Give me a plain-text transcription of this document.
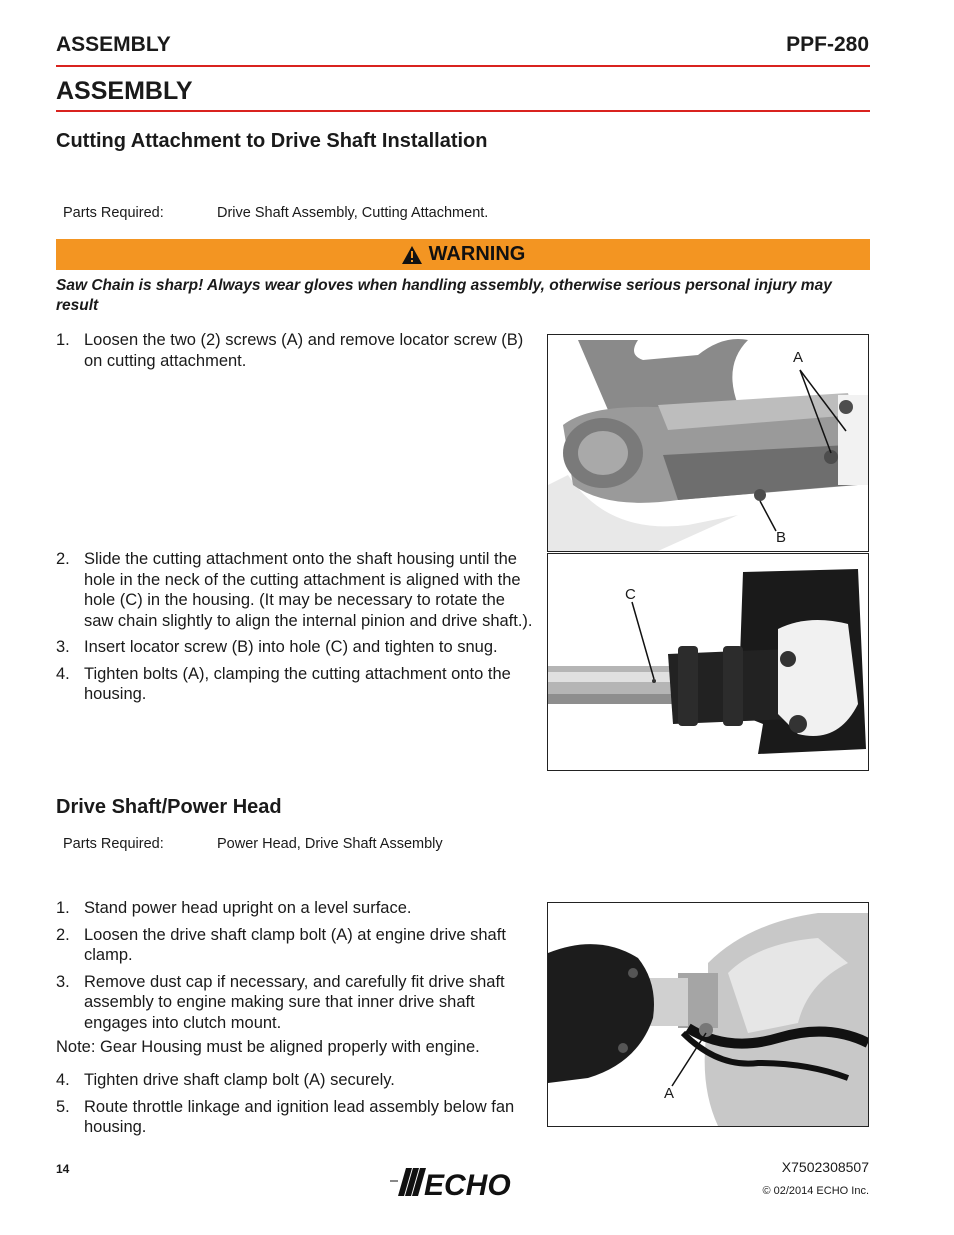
ASSEMBLY	PPF-280
ASSEMBLY
Cutting Attachment to Drive Shaft Installation
Parts Required:	Drive Shaft Assembly, Cutting Attachment.
WARNING
Saw Chain is sharp! Always wear gloves when handling assembly, otherwise serious personal injury may result
1. Loosen the two (2) screws (A) and remove locator screw (B) on cutting attachment.
2. Slide the cutting attachment onto the shaft housing until the hole in the neck of the cutting attachment is aligned with the hole (C) in the housing. (It may be necessary to rotate the saw chain slightly to align the internal pinion and drive shaft.).
3. Insert locator screw (B) into hole (C) and tighten to snug.
4. Tighten bolts (A), clamping the cutting attachment onto the housing.
A
B
C
Drive Shaft/Power Head
Parts Required:	Power Head, Drive Shaft Assembly
1. Stand power head upright on a level surface.
2. Loosen the drive shaft clamp bolt (A) at engine drive shaft clamp.
3. Remove dust cap if necessary, and carefully fit drive shaft assembly to engine making sure that inner drive shaft engages into clutch mount.
Note: Gear Housing must be aligned properly with engine.
4. Tighten drive shaft clamp bolt (A) securely.
5. Route throttle linkage and ignition lead assembly below fan housing.
A
14	ECHO
X7502308507
© 02/2014 ECHO Inc.
